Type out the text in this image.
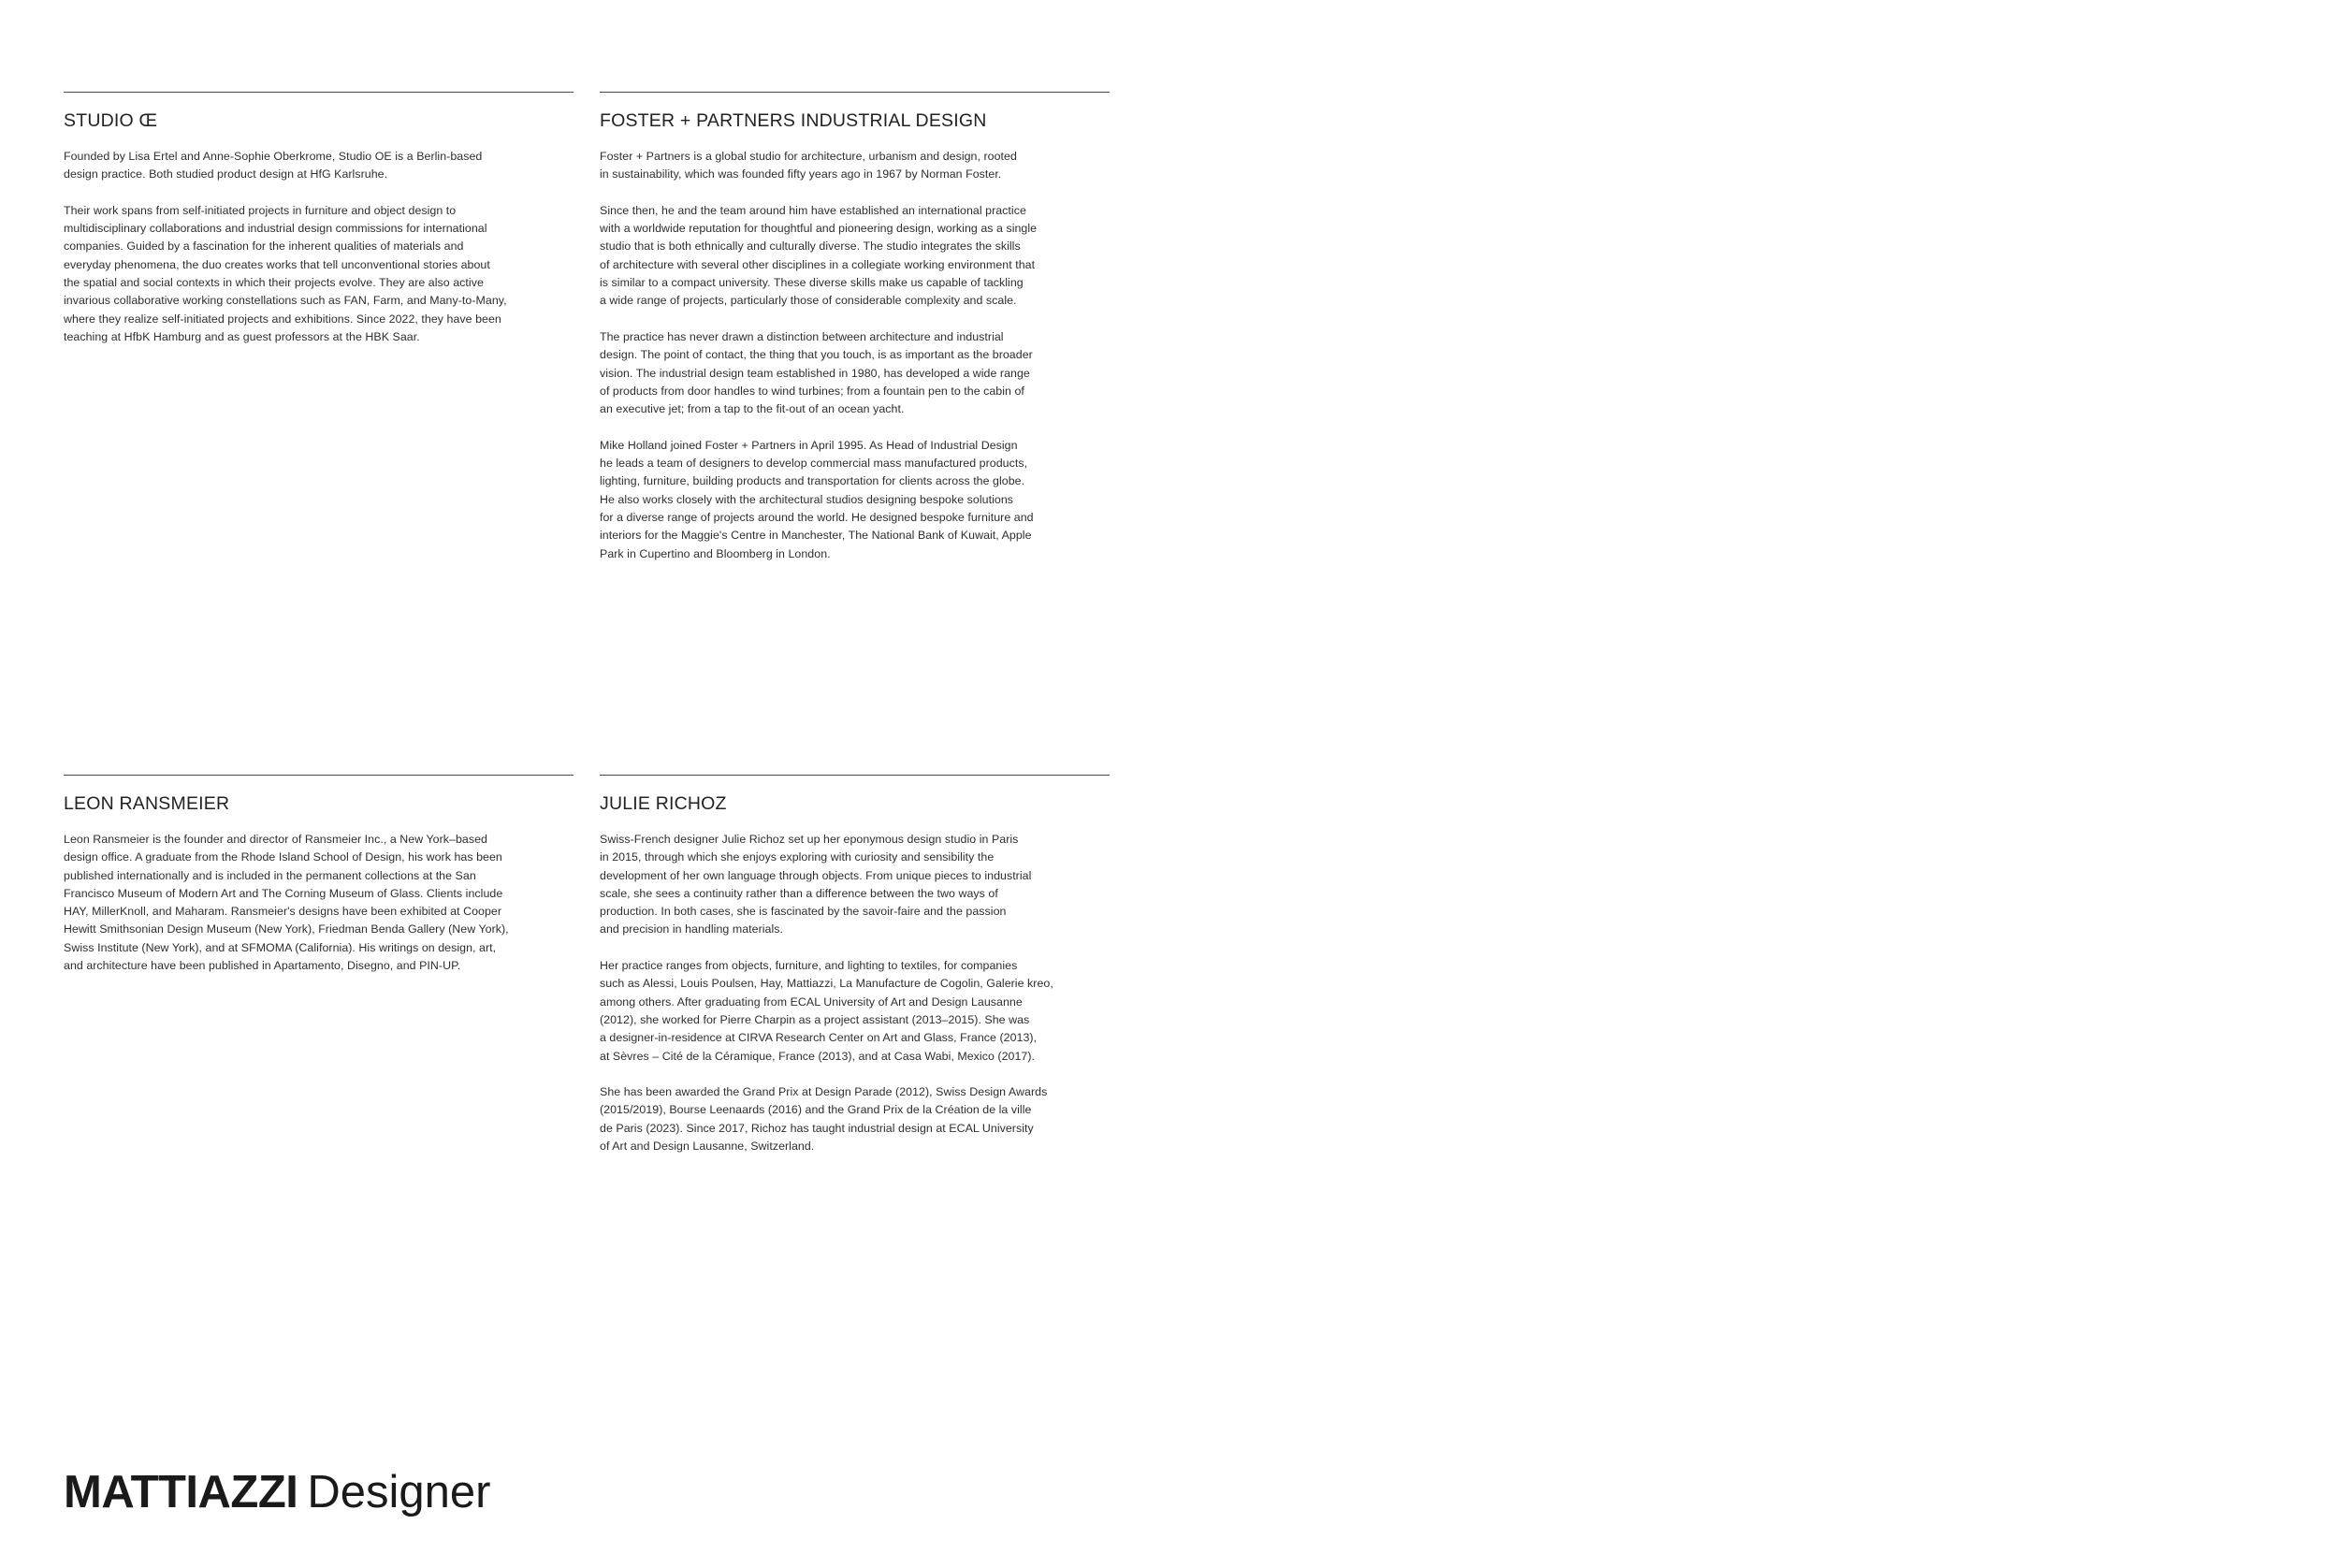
STUDIO Œ

Founded by Lisa Ertel and Anne-Sophie Oberkrome, Studio OE is a Berlin-based
design practice. Both studied product design at HfG Karlsruhe.

Their work spans from self-initiated projects in furniture and object design to
multidisciplinary collaborations and industrial design commissions for international
companies. Guided by a fascination for the inherent qualities of materials and
everyday phenomena, the duo creates works that tell unconventional stories about
the spatial and social contexts in which their projects evolve. They are also active
invarious collaborative working constellations such as FAN, Farm, and Many-to-Many,
where they realize self-initiated projects and exhibitions. Since 2022, they have been
teaching at HfbK Hamburg and as guest professors at the HBK Saar.

FOSTER + PARTNERS INDUSTRIAL DESIGN

Foster + Partners is a global studio for architecture, urbanism and design, rooted
in sustainability, which was founded fifty years ago in 1967 by Norman Foster.

Since then, he and the team around him have established an international practice
with a worldwide reputation for thoughtful and pioneering design, working as a single
studio that is both ethnically and culturally diverse. The studio integrates the skills
of architecture with several other disciplines in a collegiate working environment that
is similar to a compact university. These diverse skills make us capable of tackling
a wide range of projects, particularly those of considerable complexity and scale.

The practice has never drawn a distinction between architecture and industrial
design. The point of contact, the thing that you touch, is as important as the broader
vision. The industrial design team established in 1980, has developed a wide range
of products from door handles to wind turbines; from a fountain pen to the cabin of
an executive jet; from a tap to the fit-out of an ocean yacht.

Mike Holland joined Foster + Partners in April 1995. As Head of Industrial Design
he leads a team of designers to develop commercial mass manufactured products,
lighting, furniture, building products and transportation for clients across the globe.
He also works closely with the architectural studios designing bespoke solutions
for a diverse range of projects around the world. He designed bespoke furniture and
interiors for the Maggie's Centre in Manchester, The National Bank of Kuwait, Apple
Park in Cupertino and Bloomberg in London.

LEON RANSMEIER

Leon Ransmeier is the founder and director of Ransmeier Inc., a New York–based
design office. A graduate from the Rhode Island School of Design, his work has been
published internationally and is included in the permanent collections at the San
Francisco Museum of Modern Art and The Corning Museum of Glass. Clients include
HAY, MillerKnoll, and Maharam. Ransmeier's designs have been exhibited at Cooper
Hewitt Smithsonian Design Museum (New York), Friedman Benda Gallery (New York),
Swiss Institute (New York), and at SFMOMA (California). His writings on design, art,
and architecture have been published in Apartamento, Disegno, and PIN-UP.

JULIE RICHOZ

Swiss-French designer Julie Richoz set up her eponymous design studio in Paris
in 2015, through which she enjoys exploring with curiosity and sensibility the
development of her own language through objects. From unique pieces to industrial
scale, she sees a continuity rather than a difference between the two ways of
production. In both cases, she is fascinated by the savoir-faire and the passion
and precision in handling materials.

Her practice ranges from objects, furniture, and lighting to textiles, for companies
such as Alessi, Louis Poulsen, Hay, Mattiazzi, La Manufacture de Cogolin, Galerie kreo,
among others. After graduating from ECAL University of Art and Design Lausanne
(2012), she worked for Pierre Charpin as a project assistant (2013–2015). She was
a designer-in-residence at CIRVA Research Center on Art and Glass, France (2013),
at Sèvres – Cité de la Céramique, France (2013), and at Casa Wabi, Mexico (2017).

She has been awarded the Grand Prix at Design Parade (2012), Swiss Design Awards
(2015/2019), Bourse Leenaards (2016) and the Grand Prix de la Création de la ville
de Paris (2023). Since 2017, Richoz has taught industrial design at ECAL University
of Art and Design Lausanne, Switzerland.

MATTIAZZI Designer
